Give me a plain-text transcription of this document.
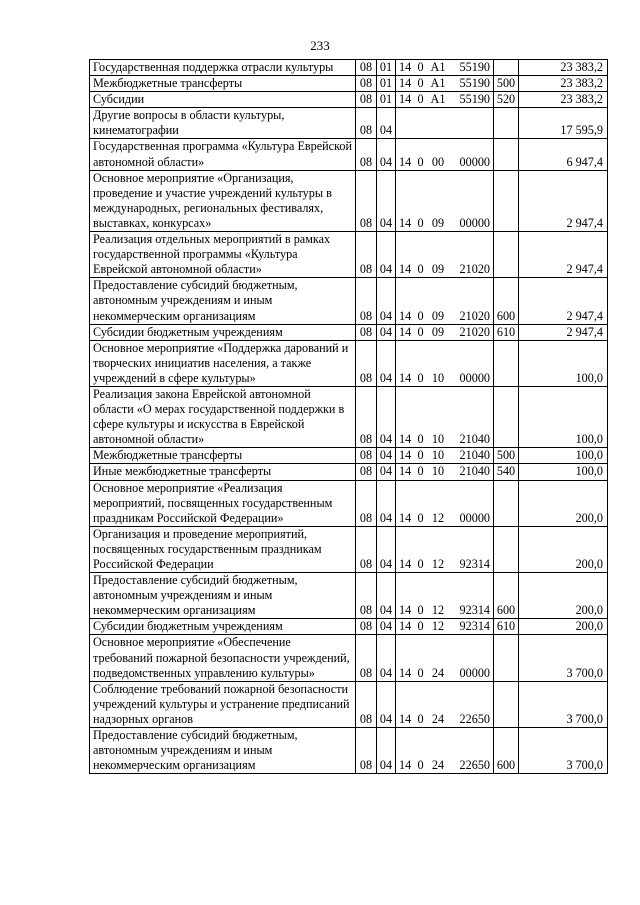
233
Государственная поддержка отрасли культуры	08	01	14	0	А1	55190		23 383,2
Межбюджетные трансферты	08	01	14	0	А1	55190	500	23 383,2
Субсидии	08	01	14	0	А1	55190	520	23 383,2
Другие вопросы в области культуры, кинематографии	08	04						17 595,9
Государственная программа «Культура Еврейской автономной области»	08	04	14	0	00	00000		6 947,4
Основное мероприятие «Организация, проведение и участие учреждений культуры в международных, региональных фестивалях, выставках, конкурсах»	08	04	14	0	09	00000		2 947,4
Реализация отдельных мероприятий в рамках государственной программы «Культура Еврейской автономной области»	08	04	14	0	09	21020		2 947,4
Предоставление субсидий бюджетным, автономным учреждениям и иным некоммерческим организациям	08	04	14	0	09	21020	600	2 947,4
Субсидии бюджетным учреждениям	08	04	14	0	09	21020	610	2 947,4
Основное мероприятие «Поддержка дарований и творческих инициатив населения, а также учреждений в сфере культуры»	08	04	14	0	10	00000		100,0
Реализация закона Еврейской автономной области «О мерах государственной поддержки в сфере культуры и искусства в Еврейской автономной области»	08	04	14	0	10	21040		100,0
Межбюджетные трансферты	08	04	14	0	10	21040	500	100,0
Иные межбюджетные трансферты	08	04	14	0	10	21040	540	100,0
Основное мероприятие «Реализация мероприятий, посвященных государственным праздникам Российской Федерации»	08	04	14	0	12	00000		200,0
Организация и проведение мероприятий, посвященных государственным праздникам Российской Федерации	08	04	14	0	12	92314		200,0
Предоставление субсидий бюджетным, автономным учреждениям и иным некоммерческим организациям	08	04	14	0	12	92314	600	200,0
Субсидии бюджетным учреждениям	08	04	14	0	12	92314	610	200,0
Основное мероприятие «Обеспечение требований пожарной безопасности учреждений, подведомственных управлению культуры»	08	04	14	0	24	00000		3 700,0
Соблюдение требований пожарной безопасности учреждений культуры и устранение предписаний надзорных органов	08	04	14	0	24	22650		3 700,0
Предоставление субсидий бюджетным, автономным учреждениям и иным некоммерческим организациям	08	04	14	0	24	22650	600	3 700,0
